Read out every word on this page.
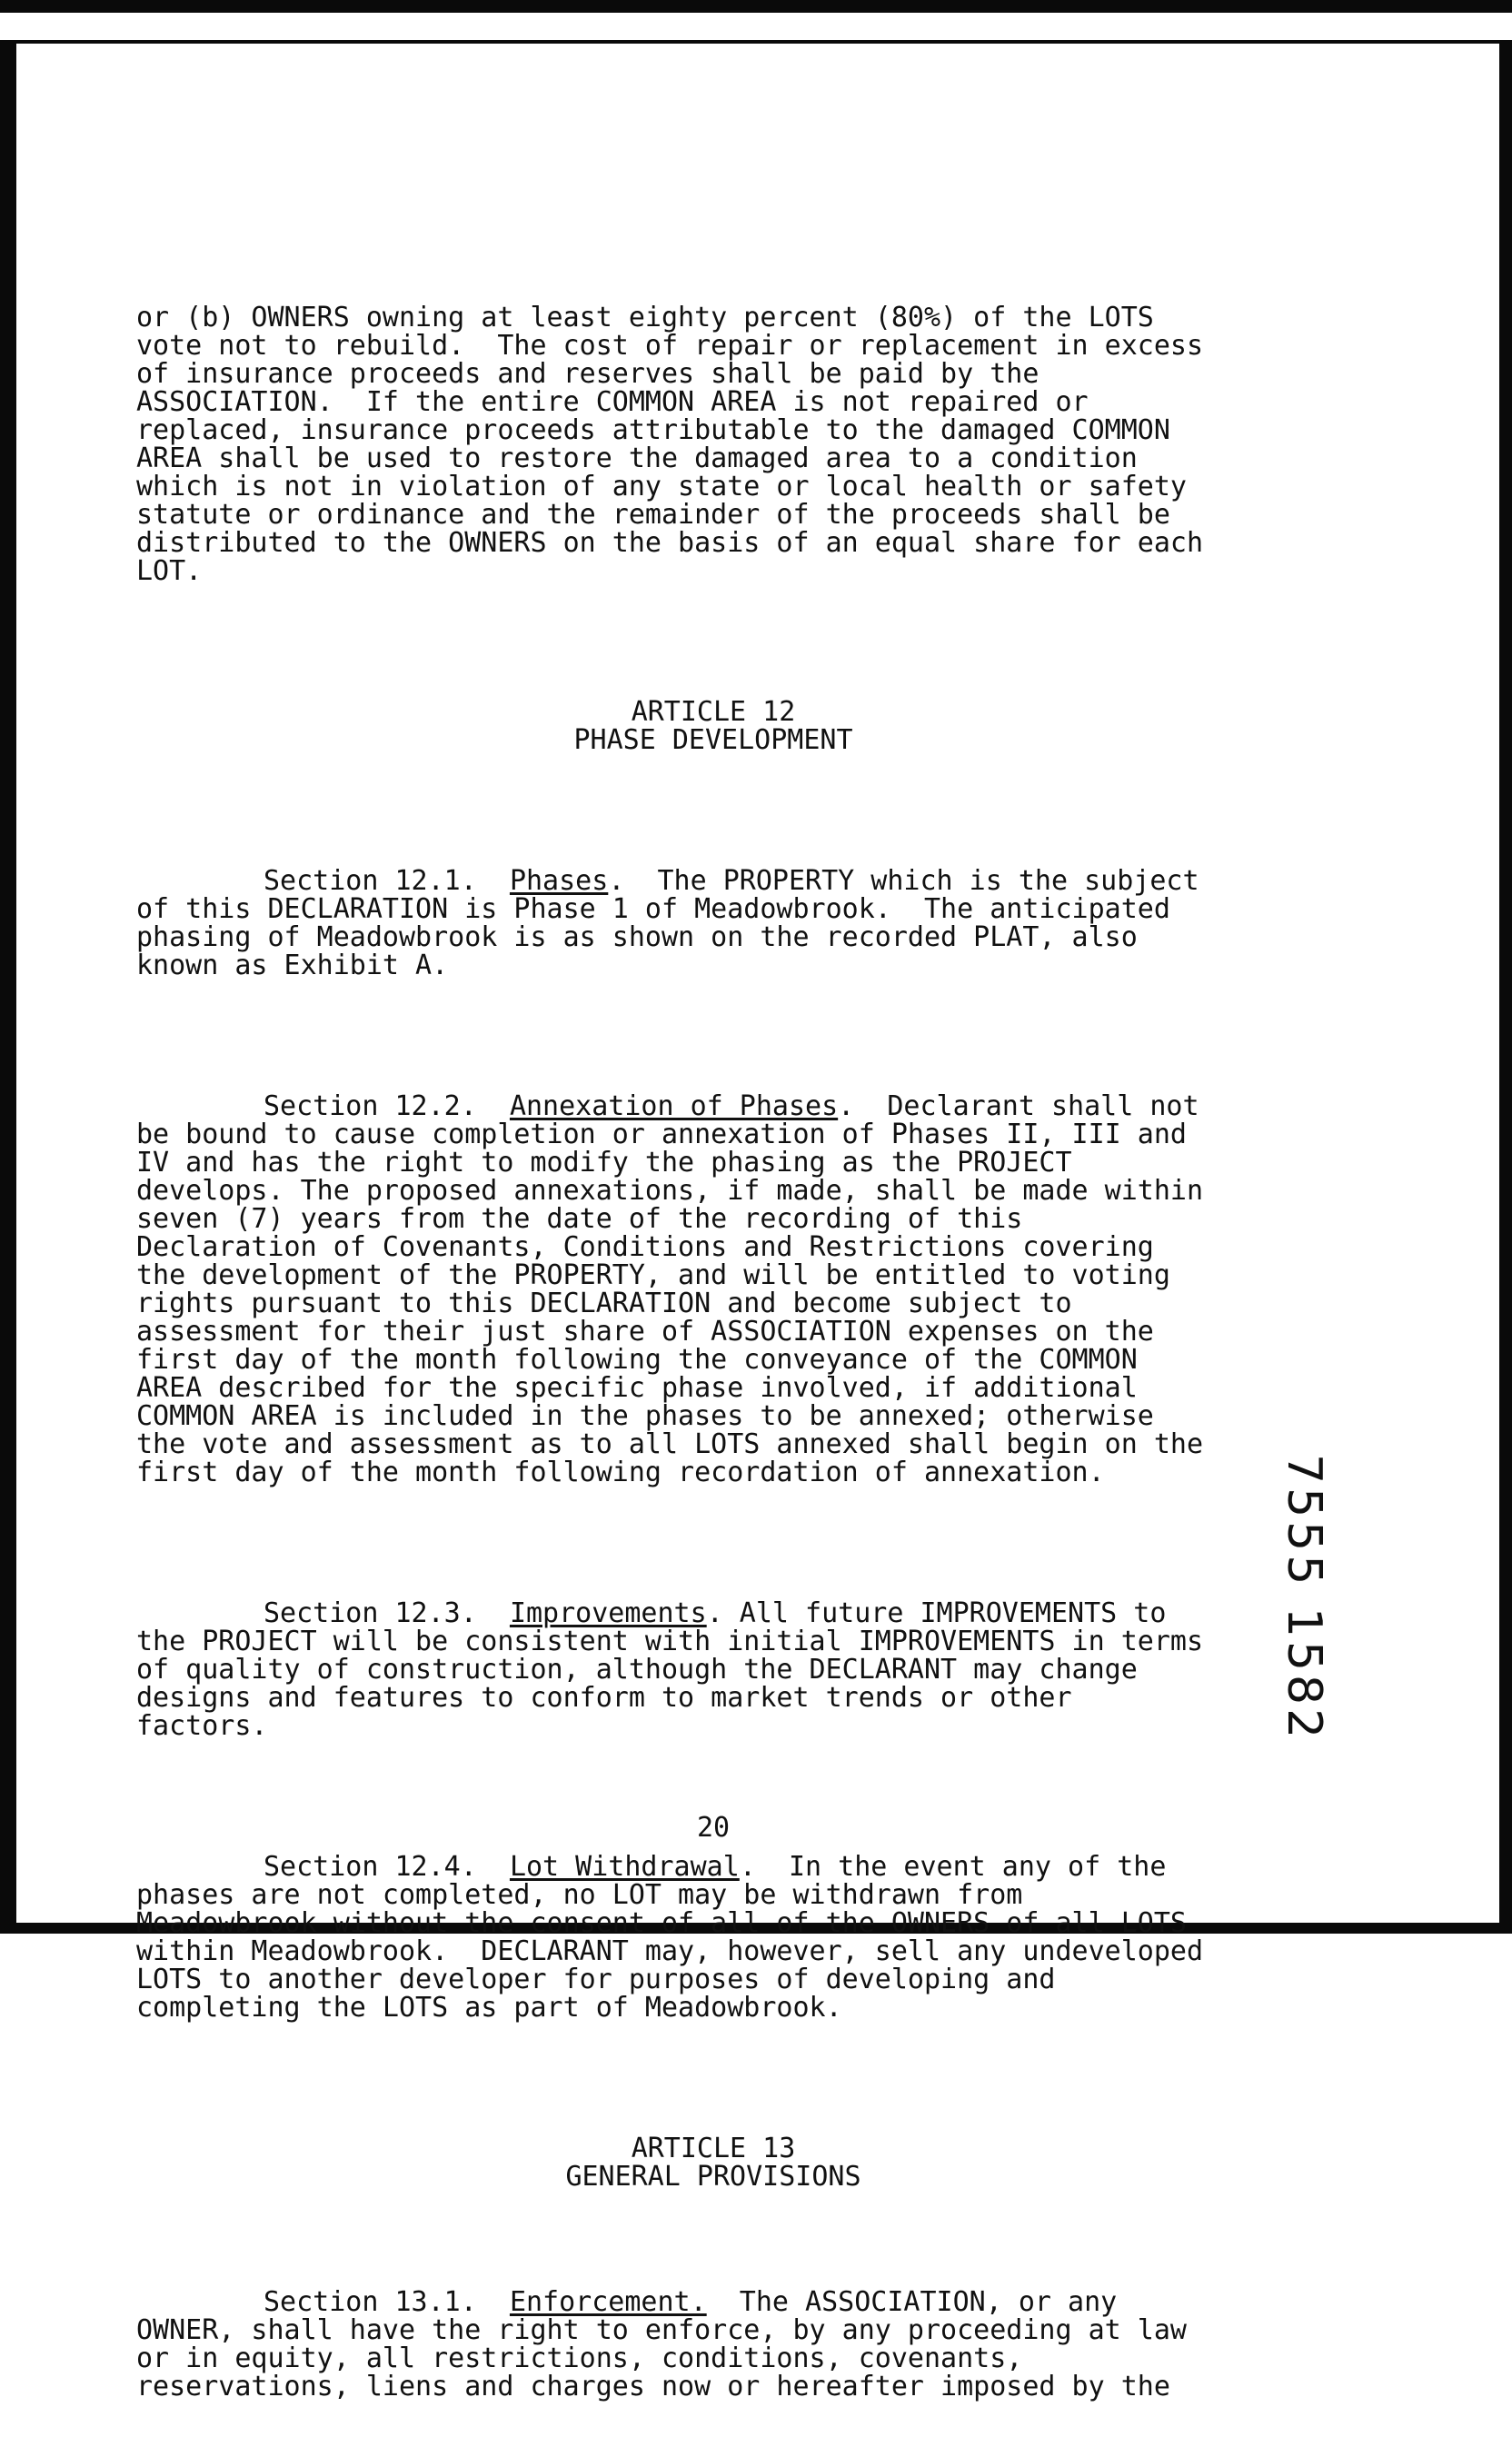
or (b) OWNERS owning at least eighty percent (80%) of the LOTS
vote not to rebuild.  The cost of repair or replacement in excess
of insurance proceeds and reserves shall be paid by the
ASSOCIATION.  If the entire COMMON AREA is not repaired or
replaced, insurance proceeds attributable to the damaged COMMON
AREA shall be used to restore the damaged area to a condition
which is not in violation of any state or local health or safety
statute or ordinance and the remainder of the proceeds shall be
distributed to the OWNERS on the basis of an equal share for each
LOT.

ARTICLE 12
PHASE DEVELOPMENT

Section 12.1. Phases.  The PROPERTY which is the subject
of this DECLARATION is Phase 1 of Meadowbrook.  The anticipated
phasing of Meadowbrook is as shown on the recorded PLAT, also
known as Exhibit A.

Section 12.2. Annexation of Phases.  Declarant shall not
be bound to cause completion or annexation of Phases II, III and
IV and has the right to modify the phasing as the PROJECT
develops. The proposed annexations, if made, shall be made within
seven (7) years from the date of the recording of this
Declaration of Covenants, Conditions and Restrictions covering
the development of the PROPERTY, and will be entitled to voting
rights pursuant to this DECLARATION and become subject to
assessment for their just share of ASSOCIATION expenses on the
first day of the month following the conveyance of the COMMON
AREA described for the specific phase involved, if additional
COMMON AREA is included in the phases to be annexed; otherwise
the vote and assessment as to all LOTS annexed shall begin on the
first day of the month following recordation of annexation.

Section 12.3. Improvements. All future IMPROVEMENTS to
the PROJECT will be consistent with initial IMPROVEMENTS in terms
of quality of construction, although the DECLARANT may change
designs and features to conform to market trends or other
factors.

Section 12.4. Lot Withdrawal.  In the event any of the
phases are not completed, no LOT may be withdrawn from
Meadowbrook without the consent of all of the OWNERS of all LOTS
within Meadowbrook.  DECLARANT may, however, sell any undeveloped
LOTS to another developer for purposes of developing and
completing the LOTS as part of Meadowbrook.

ARTICLE 13
GENERAL PROVISIONS

Section 13.1. Enforcement.  The ASSOCIATION, or any
OWNER, shall have the right to enforce, by any proceeding at law
or in equity, all restrictions, conditions, covenants,
reservations, liens and charges now or hereafter imposed by the

20
7555 1582
